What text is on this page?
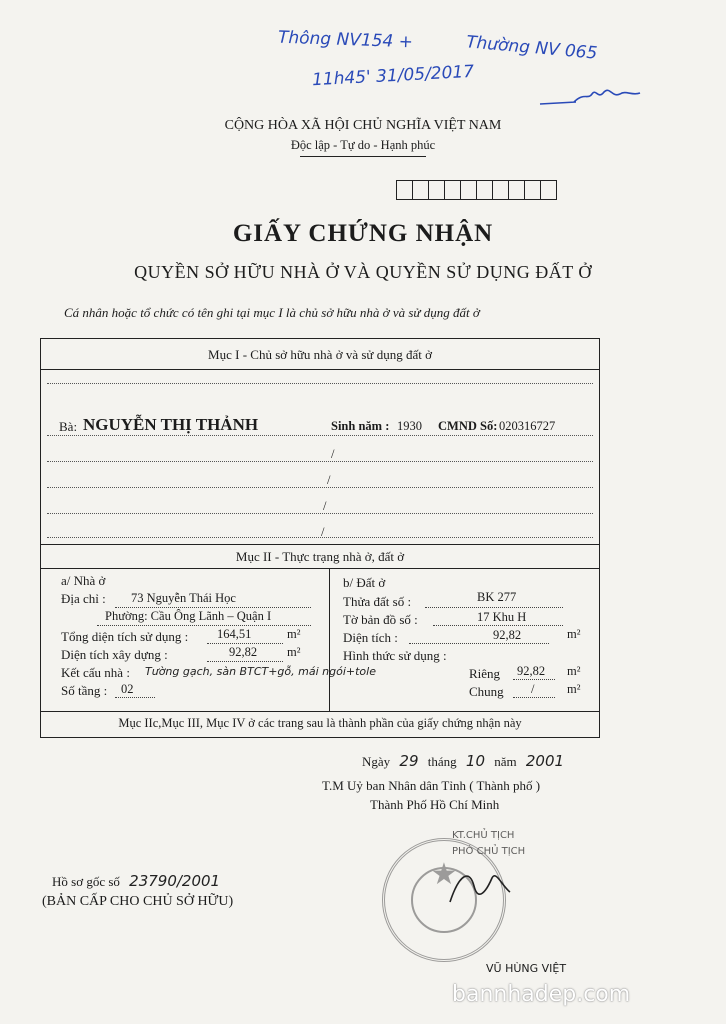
Thông NV154 +	Thường NV 065
11h45' 31/05/2017
CỘNG HÒA XÃ HỘI CHỦ NGHĨA VIỆT NAM
Độc lập - Tự do - Hạnh phúc
GIẤY CHỨNG NHẬN
QUYỀN SỞ HỮU NHÀ Ở VÀ QUYỀN SỬ DỤNG ĐẤT Ở
Cá nhân hoặc tổ chức có tên ghi tại mục I là chủ sở hữu nhà ở và sử dụng đất ở
Mục I - Chủ sở hữu nhà ở và sử dụng đất ở
Bà: NGUYỄN THỊ THẢNH	Sinh năm : 1930 CMND Số: 020316727
/
/
/
/
Mục II - Thực trạng nhà ở, đất ở
a/ Nhà ở
Địa chỉ : 73 Nguyễn Thái Học
Phường: Cầu Ông Lãnh – Quận I
Tổng diện tích sử dụng : 164,51	m²
Diện tích xây dựng :	92,82 m²
Kết cấu nhà : Tường gạch, sàn BTCT+gỗ, mái ngói+tole
Số tầng : 02
b/ Đất ở
Thửa đất số :	BK 277
Tờ bản đồ số :	17 Khu H
Diện tích :	92,82	m²
Hình thức sử dụng :
Riêng 92,82 m²
Chung /	m²
Mục IIc,Mục III, Mục IV ở các trang sau là thành phần của giấy chứng nhận này
Ngày 29 tháng 10 năm 2001
T.M Uỷ ban Nhân dân Tỉnh ( Thành phố )
Thành Phố Hồ Chí Minh
KT.CHỦ TỊCH
PHÓ CHỦ TỊCH
★
VŨ HÙNG VIỆT
Hồ sơ gốc số 23790/2001
(BẢN CẤP CHO CHỦ SỞ HỮU)
bannhadep.com
